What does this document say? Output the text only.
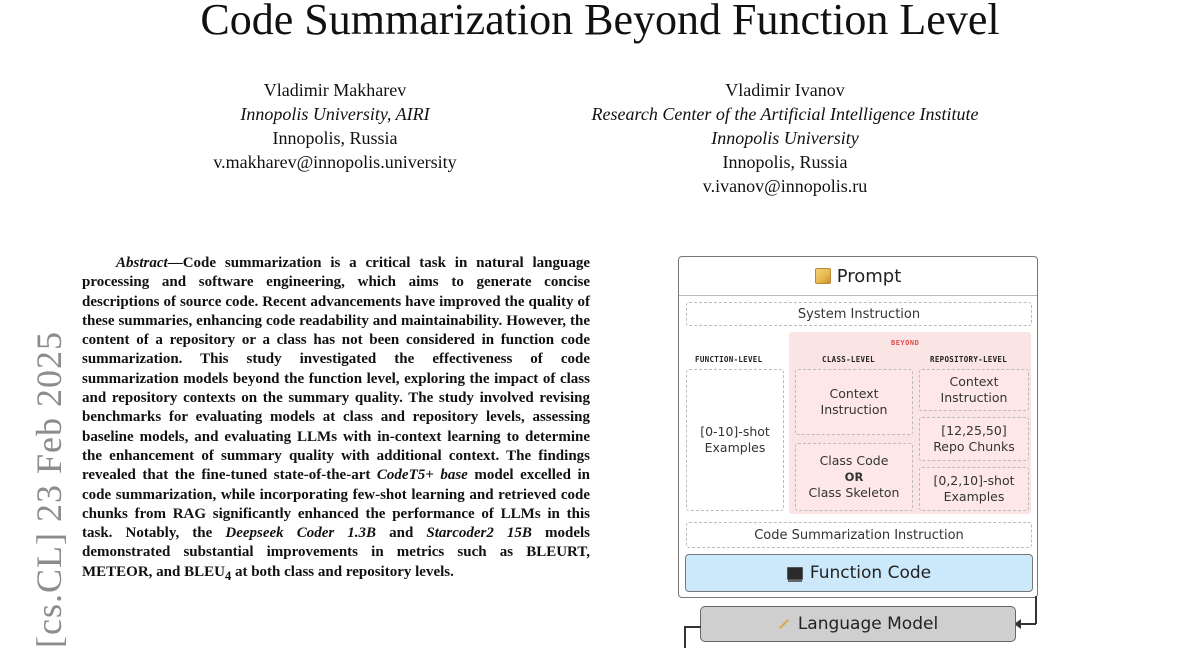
Code Summarization Beyond Function Level
Vladimir Makharev
Innopolis University, AIRI
Innopolis, Russia
v.makharev@innopolis.university
Vladimir Ivanov
Research Center of the Artificial Intelligence Institute
Innopolis University
Innopolis, Russia
v.ivanov@innopolis.ru
[cs.CL] 23 Feb 2025
Abstract—Code summarization is a critical task in natural language processing and software engineering, which aims to generate concise descriptions of source code. Recent advancements have improved the quality of these summaries, enhancing code readability and maintainability. However, the content of a repository or a class has not been considered in function code summarization. This study investigated the effectiveness of code summarization models beyond the function level, exploring the impact of class and repository contexts on the summary quality. The study involved revising benchmarks for evaluating models at class and repository levels, assessing baseline models, and evaluating LLMs with in-context learning to determine the enhancement of summary quality with additional context. The findings revealed that the fine-tuned state-of-the-art CodeT5+ base model excelled in code summarization, while incorporating few-shot learning and retrieved code chunks from RAG significantly enhanced the performance of LLMs in this task. Notably, the Deepseek Coder 1.3B and Starcoder2 15B models demonstrated substantial improvements in metrics such as BLEURT, METEOR, and $BLEU_4$ at both class and repository levels.
Prompt
System Instruction
BEYOND
FUNCTION-LEVEL	CLASS-LEVEL	REPOSITORY-LEVEL
[0-10]-shot
Examples
Context
Instruction
Class Code
OR
Class Skeleton
Context
Instruction
[12,25,50]
Repo Chunks
[0,2,10]-shot
Examples
Code Summarization Instruction
Function Code
Language Model
